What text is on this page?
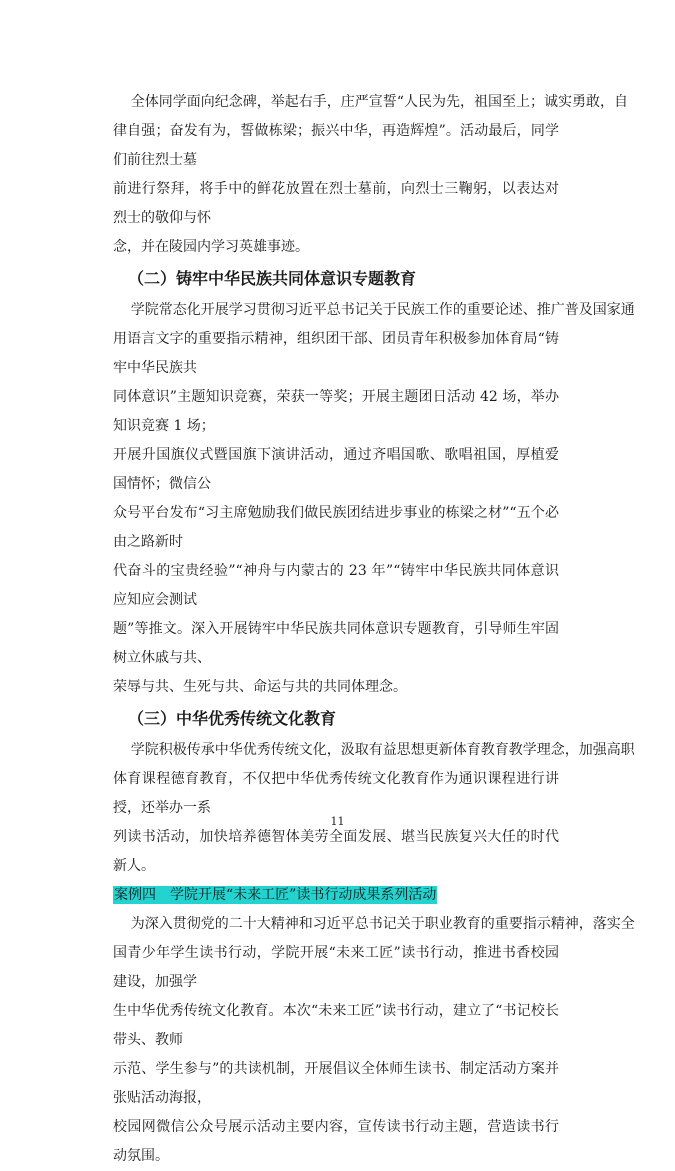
全体同学面向纪念碑，举起右手，庄严宣誓“人民为先，祖国至上；诚实勇敢，自
律自强；奋发有为，誓做栋梁；振兴中华，再造辉煌”。活动最后，同学们前往烈士墓
前进行祭拜，将手中的鲜花放置在烈士墓前，向烈士三鞠躬，以表达对烈士的敬仰与怀
念，并在陵园内学习英雄事迹。
（二）铸牢中华民族共同体意识专题教育
学院常态化开展学习贯彻习近平总书记关于民族工作的重要论述、推广普及国家通
用语言文字的重要指示精神，组织团干部、团员青年积极参加体育局“铸牢中华民族共
同体意识”主题知识竞赛，荣获一等奖；开展主题团日活动 42 场，举办知识竞赛 1 场；
开展升国旗仪式暨国旗下演讲活动，通过齐唱国歌、歌唱祖国，厚植爱国情怀；微信公
众号平台发布“习主席勉励我们做民族团结进步事业的栋梁之材”“五个必由之路新时
代奋斗的宝贵经验”“神舟与内蒙古的 23 年”“铸牢中华民族共同体意识应知应会测试
题”等推文。深入开展铸牢中华民族共同体意识专题教育，引导师生牢固树立休戚与共、
荣辱与共、生死与共、命运与共的共同体理念。
（三）中华优秀传统文化教育
学院积极传承中华优秀传统文化，汲取有益思想更新体育教育教学理念，加强高职
体育课程德育教育，不仅把中华优秀传统文化教育作为通识课程进行讲授，还举办一系
列读书活动，加快培养德智体美劳全面发展、堪当民族复兴大任的时代新人。
案例四　学院开展“未来工匠”读书行动成果系列活动
为深入贯彻党的二十大精神和习近平总书记关于职业教育的重要指示精神，落实全
国青少年学生读书行动，学院开展“未来工匠”读书行动，推进书香校园建设，加强学
生中华优秀传统文化教育。本次“未来工匠”读书行动，建立了“书记校长带头、教师
示范、学生参与”的共读机制，开展倡议全体师生读书、制定活动方案并张贴活动海报，
校园网微信公众号展示活动主要内容，宣传读书行动主题，营造读书行动氛围。
11
